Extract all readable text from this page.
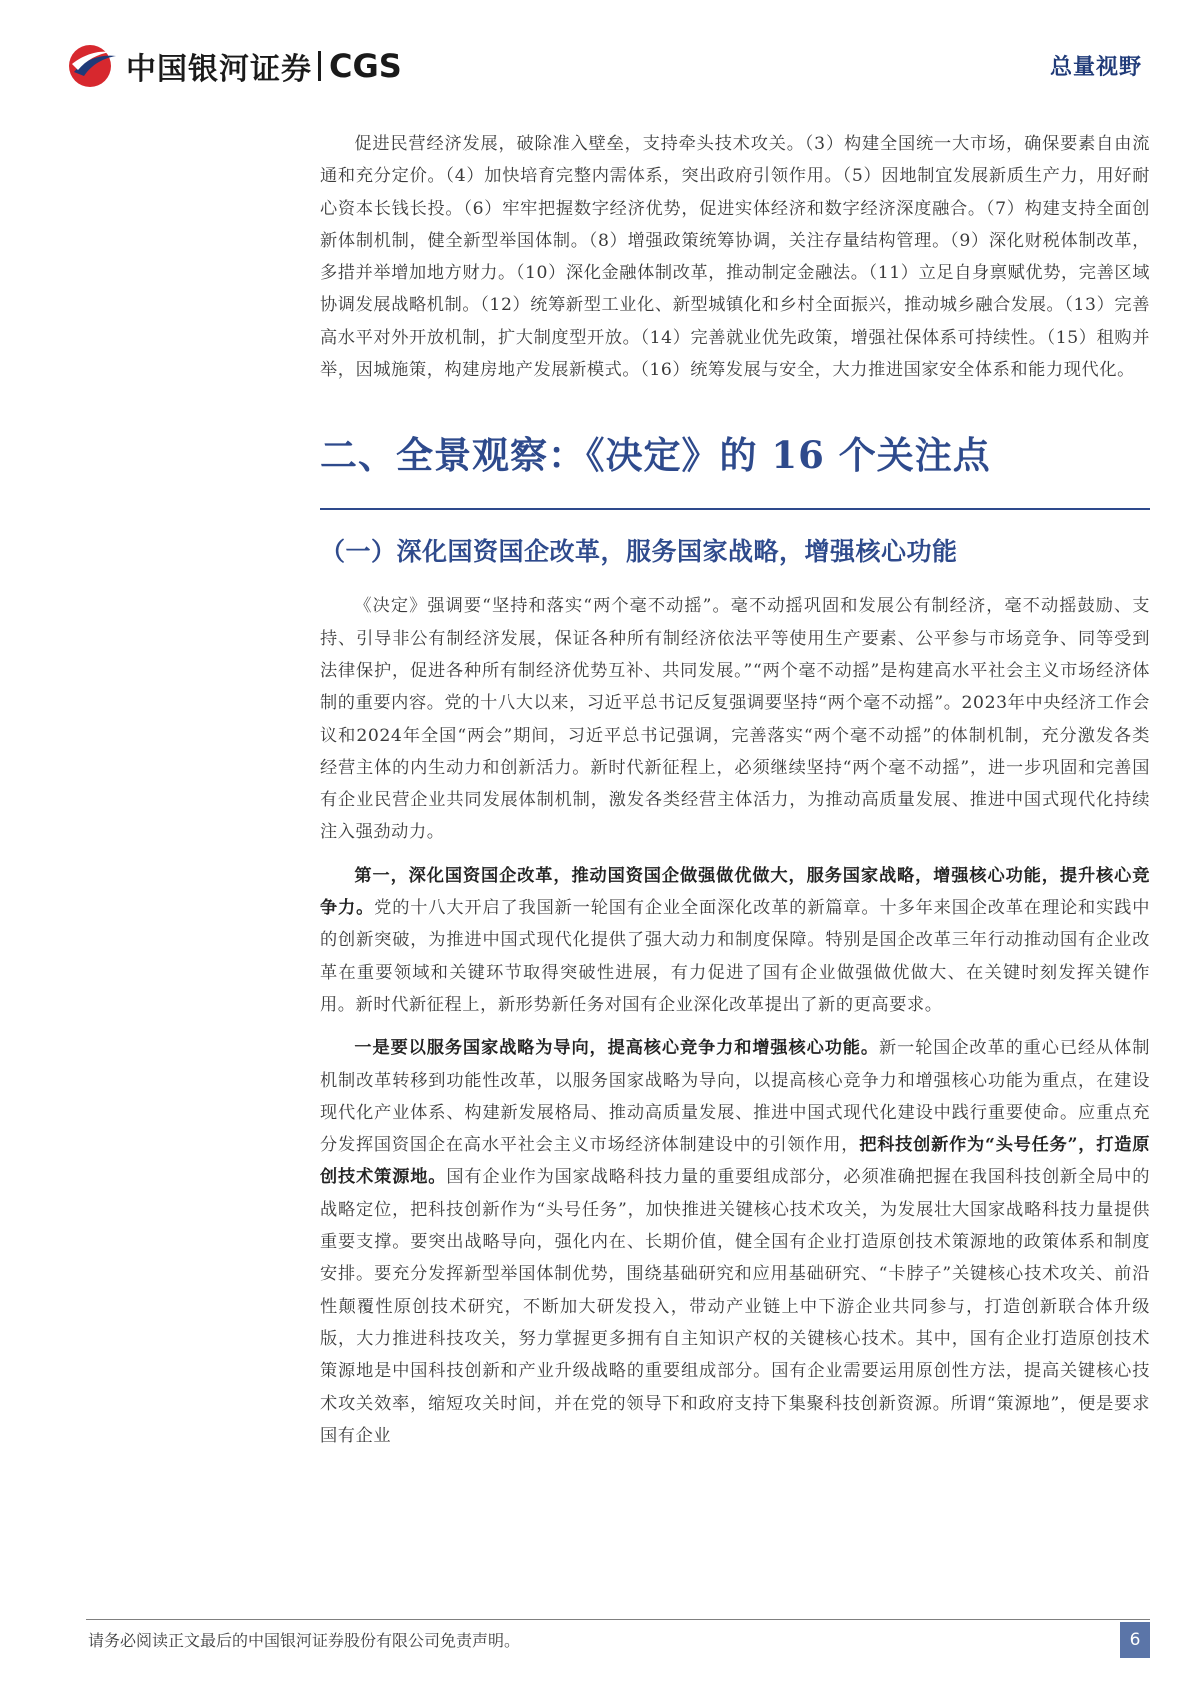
中国银河证券 CGS	总量视野

促进民营经济发展，破除准入壁垒，支持牵头技术攻关。（3）构建全国统一大市场，确保要素自由流通和充分定价。（4）加快培育完整内需体系，突出政府引领作用。（5）因地制宜发展新质生产力，用好耐心资本长钱长投。（6）牢牢把握数字经济优势，促进实体经济和数字经济深度融合。（7）构建支持全面创新体制机制，健全新型举国体制。（8）增强政策统筹协调，关注存量结构管理。（9）深化财税体制改革，多措并举增加地方财力。（10）深化金融体制改革，推动制定金融法。（11）立足自身禀赋优势，完善区域协调发展战略机制。（12）统筹新型工业化、新型城镇化和乡村全面振兴，推动城乡融合发展。（13）完善高水平对外开放机制，扩大制度型开放。（14）完善就业优先政策，增强社保体系可持续性。（15）租购并举，因城施策，构建房地产发展新模式。（16）统筹发展与安全，大力推进国家安全体系和能力现代化。

二、全景观察：《决定》的 16 个关注点
（一）深化国资国企改革，服务国家战略，增强核心功能

《决定》强调要“坚持和落实“两个毫不动摇”。毫不动摇巩固和发展公有制经济，毫不动摇鼓励、支持、引导非公有制经济发展，保证各种所有制经济依法平等使用生产要素、公平参与市场竞争、同等受到法律保护，促进各种所有制经济优势互补、共同发展。”“两个毫不动摇”是构建高水平社会主义市场经济体制的重要内容。党的十八大以来，习近平总书记反复强调要坚持“两个毫不动摇”。2023年中央经济工作会议和2024年全国“两会”期间，习近平总书记强调，完善落实“两个毫不动摇”的体制机制，充分激发各类经营主体的内生动力和创新活力。新时代新征程上，必须继续坚持“两个毫不动摇”，进一步巩固和完善国有企业民营企业共同发展体制机制，激发各类经营主体活力，为推动高质量发展、推进中国式现代化持续注入强劲动力。

第一，深化国资国企改革，推动国资国企做强做优做大，服务国家战略，增强核心功能，提升核心竞争力。党的十八大开启了我国新一轮国有企业全面深化改革的新篇章。十多年来国企改革在理论和实践中的创新突破，为推进中国式现代化提供了强大动力和制度保障。特别是国企改革三年行动推动国有企业改革在重要领域和关键环节取得突破性进展，有力促进了国有企业做强做优做大、在关键时刻发挥关键作用。新时代新征程上，新形势新任务对国有企业深化改革提出了新的更高要求。

一是要以服务国家战略为导向，提高核心竞争力和增强核心功能。新一轮国企改革的重心已经从体制机制改革转移到功能性改革，以服务国家战略为导向，以提高核心竞争力和增强核心功能为重点，在建设现代化产业体系、构建新发展格局、推动高质量发展、推进中国式现代化建设中践行重要使命。应重点充分发挥国资国企在高水平社会主义市场经济体制建设中的引领作用，把科技创新作为“头号任务”，打造原创技术策源地。国有企业作为国家战略科技力量的重要组成部分，必须准确把握在我国科技创新全局中的战略定位，把科技创新作为“头号任务”，加快推进关键核心技术攻关，为发展壮大国家战略科技力量提供重要支撑。要突出战略导向，强化内在、长期价值，健全国有企业打造原创技术策源地的政策体系和制度安排。要充分发挥新型举国体制优势，围绕基础研究和应用基础研究、“卡脖子”关键核心技术攻关、前沿性颠覆性原创技术研究，不断加大研发投入，带动产业链上中下游企业共同参与，打造创新联合体升级版，大力推进科技攻关，努力掌握更多拥有自主知识产权的关键核心技术。其中，国有企业打造原创技术策源地是中国科技创新和产业升级战略的重要组成部分。国有企业需要运用原创性方法，提高关键核心技术攻关效率，缩短攻关时间，并在党的领导下和政府支持下集聚科技创新资源。所谓“策源地”，便是要求国有企业

请务必阅读正文最后的中国银河证券股份有限公司免责声明。	6
